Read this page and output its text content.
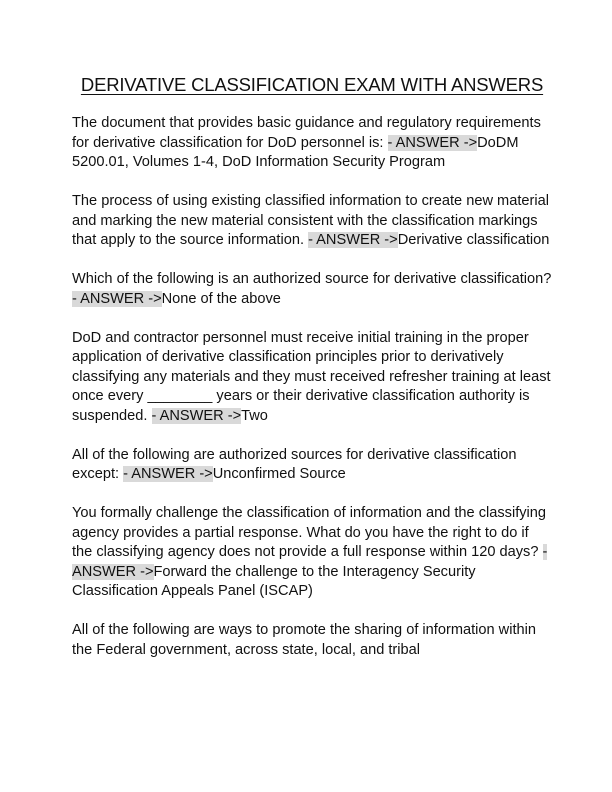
DERIVATIVE CLASSIFICATION EXAM WITH ANSWERS

The document that provides basic guidance and regulatory requirements for derivative classification for DoD personnel is: - ANSWER ->DoDM 5200.01, Volumes 1-4, DoD Information Security Program

The process of using existing classified information to create new material and marking the new material consistent with the classification markings that apply to the source information. - ANSWER ->Derivative classification

Which of the following is an authorized source for derivative classification? - ANSWER ->None of the above

DoD and contractor personnel must receive initial training in the proper application of derivative classification principles prior to derivatively classifying any materials and they must received refresher training at least once every ________ years or their derivative classification authority is suspended. - ANSWER ->Two

All of the following are authorized sources for derivative classification except: - ANSWER ->Unconfirmed Source

You formally challenge the classification of information and the classifying agency provides a partial response. What do you have the right to do if the classifying agency does not provide a full response within 120 days? - ANSWER ->Forward the challenge to the Interagency Security Classification Appeals Panel (ISCAP)

All of the following are ways to promote the sharing of information within the Federal government, across state, local, and tribal
